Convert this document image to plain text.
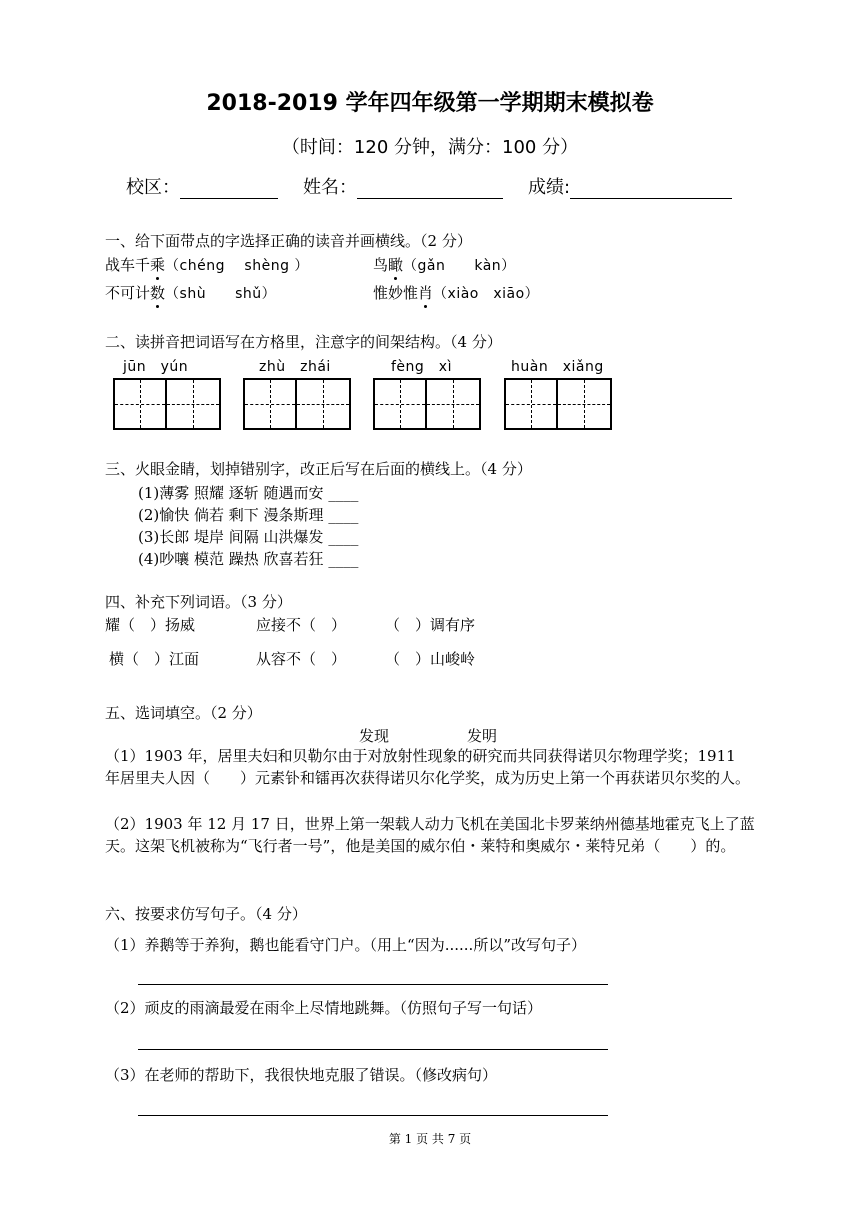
2018-2019 学年四年级第一学期期末模拟卷
（时间：120 分钟，满分：100 分）
校区：	姓名：	成绩:
一、给下面带点的字选择正确的读音并画横线。（2 分）
战车千乘（chéng　 shèng ）	鸟瞰（gǎn　　kàn）
不可计数（shù　　shǔ）	惟妙惟肖（xiào　xiāo）
二、读拼音把词语写在方格里，注意字的间架结构。（4 分）
jūn　yún	zhù　zhái	fèng　xì	huàn　xiǎng
三、火眼金睛，划掉错别字，改正后写在后面的横线上。（4 分）
(1)薄雾 照耀 逐斩 随遇而安 ____
(2)愉快 倘若 剩下 漫条斯理 ____
(3)长郎 堤岸 间隔 山洪爆发 ____
(4)吵嚷 模范 躁热 欣喜若狂 ____
四、补充下列词语。（3 分）
耀（　）扬威	应接不（　）	（　）调有序
横（　）江面	从容不（　）	（　）山峻岭
五、选词填空。（2 分）
发现	发明
（1）1903 年，居里夫妇和贝勒尔由于对放射性现象的研究而共同获得诺贝尔物理学奖；1911 年居里夫人因（　　）元素钋和镭再次获得诺贝尔化学奖，成为历史上第一个再获诺贝尔奖的人。
（2）1903 年 12 月 17 日，世界上第一架载人动力飞机在美国北卡罗莱纳州德基地霍克飞上了蓝天。这架飞机被称为“飞行者一号”，他是美国的威尔伯・莱特和奥威尔・莱特兄弟（　　）的。
六、按要求仿写句子。（4 分）
（1）养鹅等于养狗，鹅也能看守门户。（用上“因为......所以”改写句子）
（2）顽皮的雨滴最爱在雨伞上尽情地跳舞。（仿照句子写一句话）
（3）在老师的帮助下，我很快地克服了错误。（修改病句）
第 1 页 共 7 页
